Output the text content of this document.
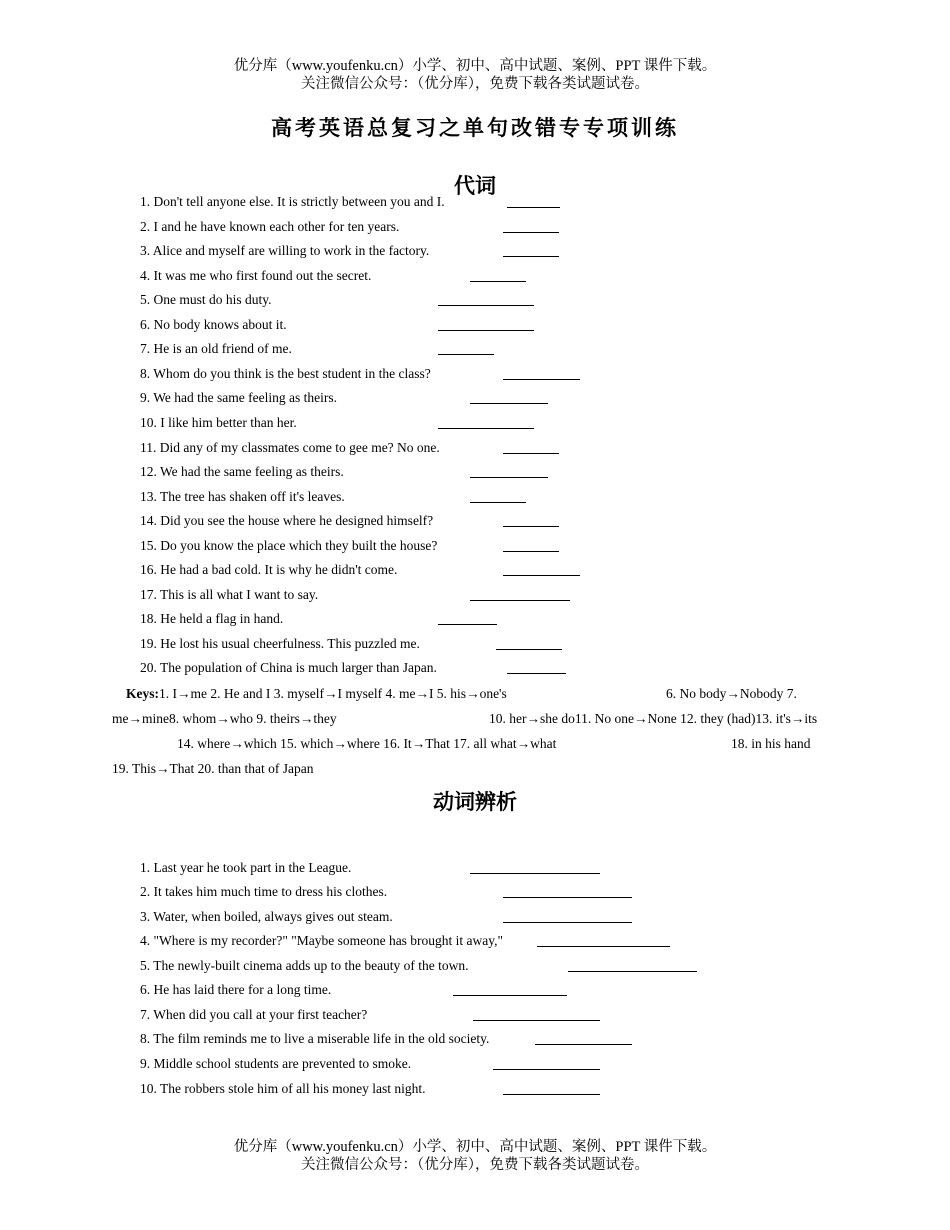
优分库（www.youfenku.cn）小学、初中、高中试题、案例、PPT 课件下载。
关注微信公众号：（优分库），免费下载各类试题试卷。
高考英语总复习之单句改错专专项训练
代词
1. Don't tell anyone else. It is strictly between you and I.
2. I and he have known each other for ten years.
3. Alice and myself are willing to work in the factory.
4. It was me who first found out the secret.
5. One must do his duty.
6. No body knows about it.
7. He is an old friend of me.
8. Whom do you think is the best student in the class?
9. We had the same feeling as theirs.
10. I like him better than her.
11. Did any of my classmates come to gee me? No one.
12. We had the same feeling as theirs.
13. The tree has shaken off it's leaves.
14. Did you see the house where he designed himself?
15. Do you know the place which they built the house?
16. He had a bad cold. It is why he didn't come.
17. This is all what I want to say.
18. He held a flag in hand.
19. He lost his usual cheerfulness. This puzzled me.
20. The population of China is much larger than Japan.
Keys:1. I→me 2. He and I 3. myself→I myself 4. me→I 5. his→one's	6. No body→Nobody 7.
me→mine8. whom→who 9. theirs→they	10. her→she do11. No one→None 12. they (had)13. it's→its
14. where→which 15. which→where 16. It→That 17. all what→what	18. in his hand
19. This→That 20. than that of Japan
动词辨析
1. Last year he took part in the League.
2. It takes him much time to dress his clothes.
3. Water, when boiled, always gives out steam.
4. "Where is my recorder?" "Maybe someone has brought it away,"
5. The newly-built cinema adds up to the beauty of the town.
6. He has laid there for a long time.
7. When did you call at your first teacher?
8. The film reminds me to live a miserable life in the old society.
9. Middle school students are prevented to smoke.
10. The robbers stole him of all his money last night.
优分库（www.youfenku.cn）小学、初中、高中试题、案例、PPT 课件下载。
关注微信公众号：（优分库），免费下载各类试题试卷。
